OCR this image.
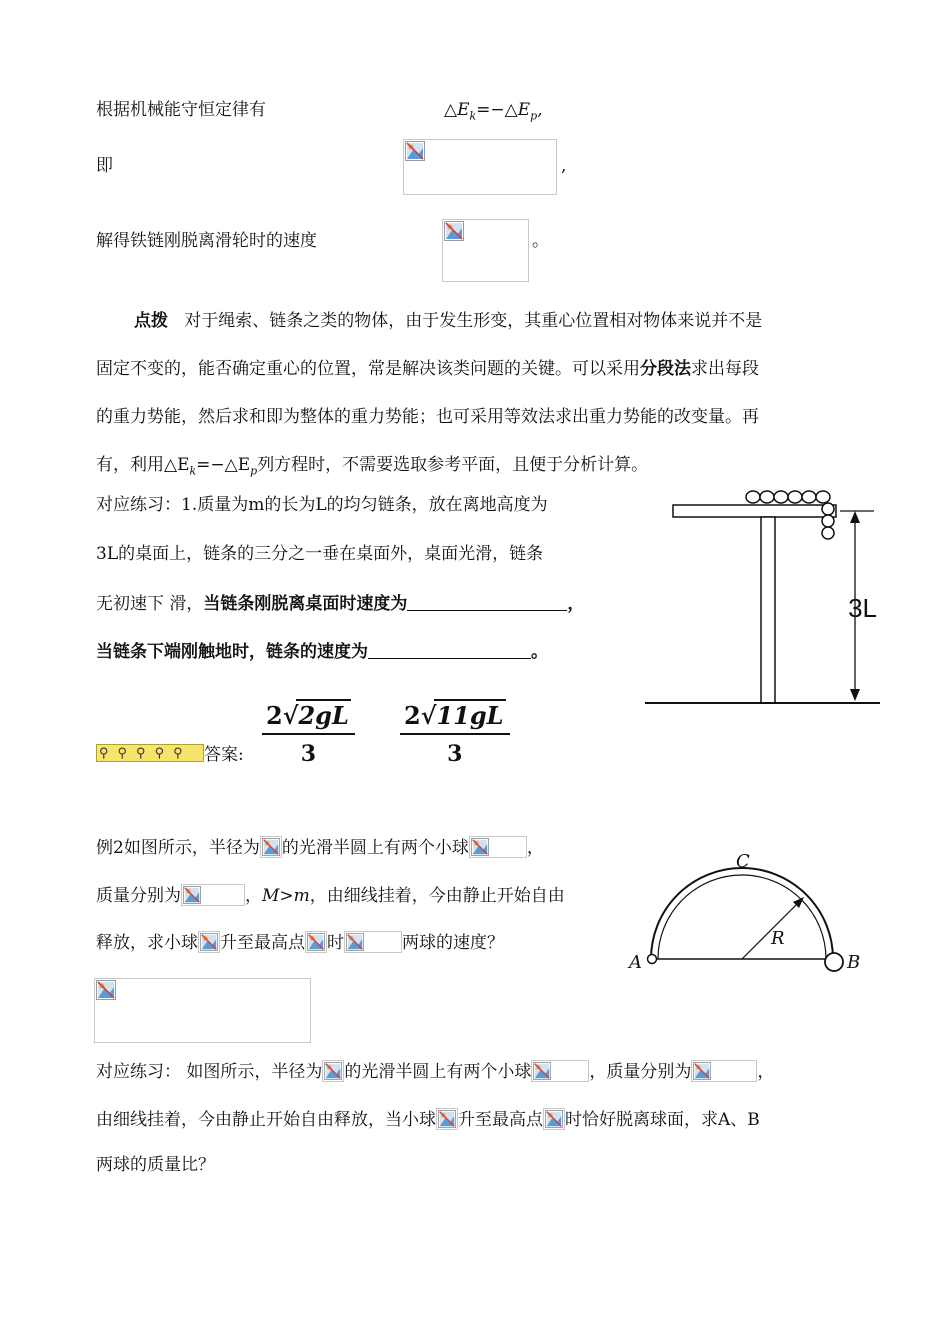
根据机械能守恒定律有	$\triangle E_k=-\triangle E_p$,
即	,
解得铁链刚脱离滑轮时的速度	。
点拨 对于绳索、链条之类的物体，由于发生形变，其重心位置相对物体来说并不是
固定不变的，能否确定重心的位置，常是解决该类问题的关键。可以采用分段法求出每段
的重力势能，然后求和即为整体的重力势能；也可采用等效法求出重力势能的改变量。再
有，利用$\triangle E_k=-\triangle E_p$列方程时，不需要选取参考平面，且便于分析计算。
对应练习：1.质量为m的长为L的均匀链条，放在离地高度为
3L的桌面上，链条的三分之一垂在桌面外，桌面光滑，链条
无初速下 滑，当链条刚脱离桌面时速度为	，
当链条下端刚触地时，链条的速度为	。
3L
⚲⚲⚲⚲⚲ 答案: $\frac{2√2gL}{3} \frac{2√11gL}{3}$
例2如图所示，半径为 的光滑半圆上有两个小球	，
质量分别为	，M>m，由细线挂着，今由静止开始自由
释放，求小球 升至最高点 时	两球的速度？
C
R
A	B
对应练习： 如图所示，半径为 的光滑半圆上有两个小球	，质量分别为	，
由细线挂着，今由静止开始自由释放，当小球 升至最高点 时恰好脱离球面，求A、B
两球的质量比？
